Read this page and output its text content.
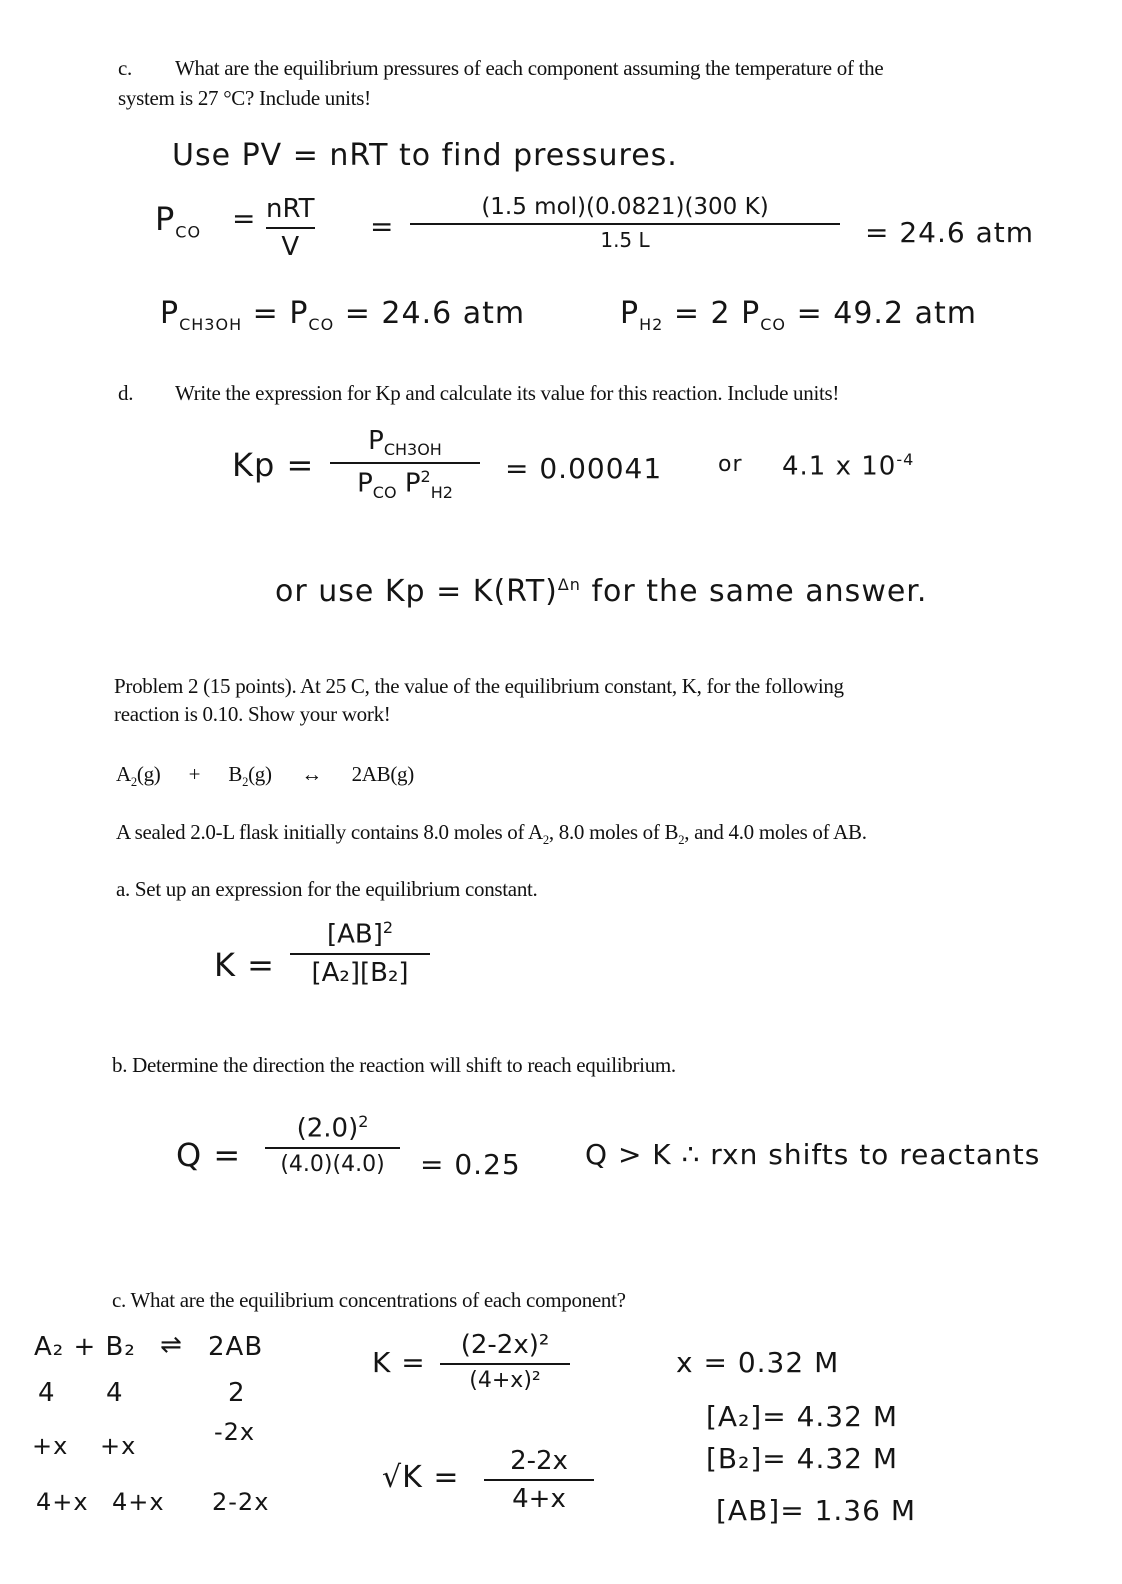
c. What are the equilibrium pressures of each component assuming the temperature of the
system is 27 °C? Include units!
Use PV = nRT to find pressures.
$P_{CO}$ = nRT
V
=
(1.5 mol)(0.0821)(300 K)
1.5 L	= 24.6 atm
$P_{CH3OH} = P_{CO} = 24.6$ atm	$P_{H2} = 2$ $P_{CO} = 49.2$ atm
d. Write the expression for Kp and calculate its value for this reaction. Include units!
Kp =
$P_{CH3OH}$
$P_{CO}$ $P^2_{H2}$
= 0.00041	or 4.1 x $10^{-4}$
or use Kp = K(RT)$^{\Delta n}$ for the same answer.
Problem 2 (15 points). At 25 C, the value of the equilibrium constant, K, for the following
reaction is 0.10. Show your work!
$A_2(g) + B_2(g)$ ↔ 2AB(g)
A sealed 2.0-L flask initially contains 8.0 moles of $A_2$, 8.0 moles of $B_2$, and 4.0 moles of AB.
a. Set up an expression for the equilibrium constant.
K =
[AB]$^2$
[A₂][B₂]
b. Determine the direction the reaction will shift to reach equilibrium.
Q =
$(2.0)^2$
(4.0)(4.0) = 0.25 Q > K ∴ rxn shifts to reactants
c. What are the equilibrium concentrations of each component?
A₂ + B₂ ⇌ 2AB
4 4	2
+x +x	-2x
4+x 4+x 2-2x
K =
(2-2x)²
(4+x)²
√K = 2-2x
4+x
x = 0.32 M
[A₂]= 4.32 M
[B₂]= 4.32 M
[AB]= 1.36 M
